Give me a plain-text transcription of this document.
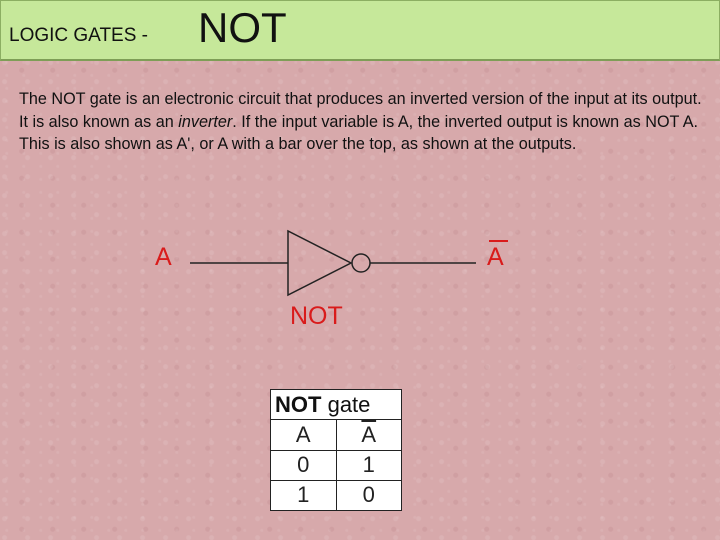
LOGIC GATES - NOT
The NOT gate is an electronic circuit that produces an inverted version of the input at its output. It is also known as an inverter. If the input variable is A, the inverted output is known as NOT A. This is also shown as A', or A with a bar over the top, as shown at the outputs.
A	A
NOT
NOT gate	
A	$\overline{A}$
0	1
1	0
